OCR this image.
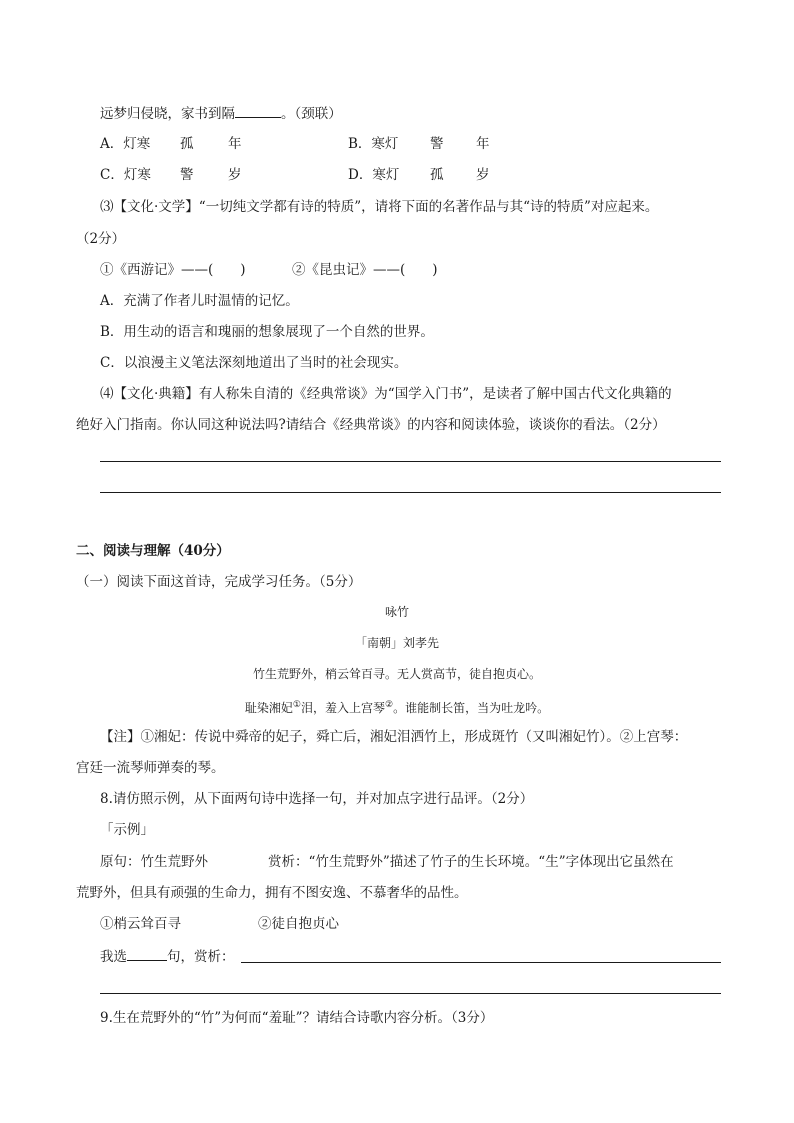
远梦归侵晓，家书到隔	。（颈联）
A．灯寒 孤	年	B．寒灯 警 年
C．灯寒 警	岁	D．寒灯 孤 岁
⑶【文化·文学】“一切纯文学都有诗的特质”，请将下面的名著作品与其“诗的特质”对应起来。
（2分）
①《西游记》——(　　)	②《昆虫记》——(　　)
A．充满了作者儿时温情的记忆。
B．用生动的语言和瑰丽的想象展现了一个自然的世界。
C．以浪漫主义笔法深刻地道出了当时的社会现实。
⑷【文化·典籍】有人称朱自清的《经典常谈》为“国学入门书”，是读者了解中国古代文化典籍的
绝好入门指南。你认同这种说法吗?请结合《经典常谈》的内容和阅读体验，谈谈你的看法。（2分）
二、阅读与理解（40分）
（一）阅读下面这首诗，完成学习任务。（5分）
咏竹
「南朝」刘孝先
竹生荒野外，梢云耸百寻。无人赏高节，徒自抱贞心。
耻染湘妃①泪，羞入上宫琴②。谁能制长笛，当为吐龙吟。
【注】①湘妃：传说中舜帝的妃子，舜亡后，湘妃泪洒竹上，形成斑竹（又叫湘妃竹）。②上宫琴：
宫廷一流琴师弹奏的琴。
8.请仿照示例，从下面两句诗中选择一句，并对加点字进行品评。（2分）
「示例」
原句：竹生荒野外	赏析：“竹生荒野外”描述了竹子的生长环境。“生”字体现出它虽然在
荒野外，但具有顽强的生命力，拥有不图安逸、不慕奢华的品性。
①梢云耸百寻	②徒自抱贞心
我选	句，赏析：
9.生在荒野外的“竹”为何而“羞耻”？请结合诗歌内容分析。（3分）
